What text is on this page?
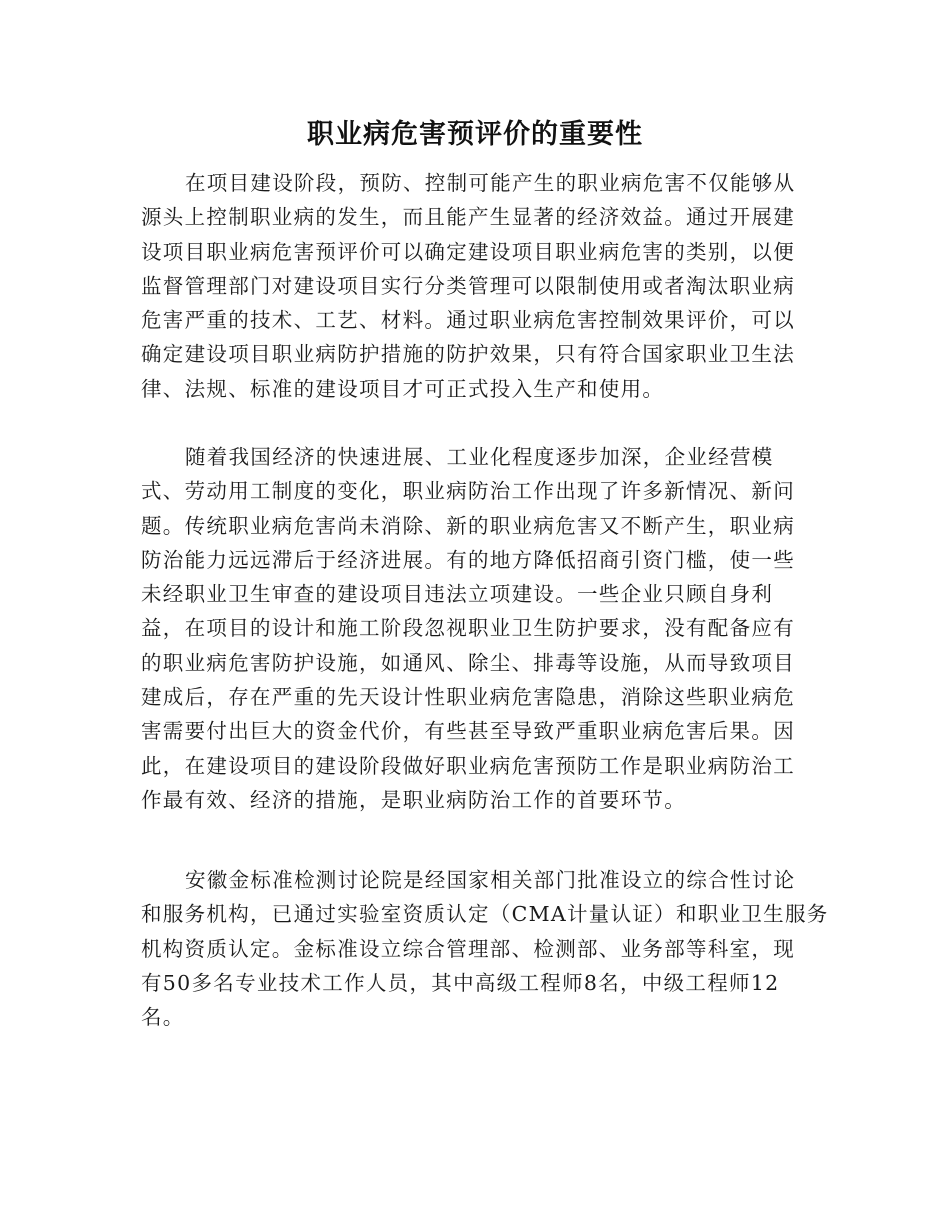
职业病危害预评价的重要性
在项目建设阶段，预防、控制可能产生的职业病危害不仅能够从
源头上控制职业病的发生，而且能产生显著的经济效益。通过开展建
设项目职业病危害预评价可以确定建设项目职业病危害的类别，以便
监督管理部门对建设项目实行分类管理可以限制使用或者淘汰职业病
危害严重的技术、工艺、材料。通过职业病危害控制效果评价，可以
确定建设项目职业病防护措施的防护效果，只有符合国家职业卫生法
律、法规、标准的建设项目才可正式投入生产和使用。
随着我国经济的快速进展、工业化程度逐步加深，企业经营模
式、劳动用工制度的变化，职业病防治工作出现了许多新情况、新问
题。传统职业病危害尚未消除、新的职业病危害又不断产生，职业病
防治能力远远滞后于经济进展。有的地方降低招商引资门槛，使一些
未经职业卫生审查的建设项目违法立项建设。一些企业只顾自身利
益，在项目的设计和施工阶段忽视职业卫生防护要求，没有配备应有
的职业病危害防护设施，如通风、除尘、排毒等设施，从而导致项目
建成后，存在严重的先天设计性职业病危害隐患，消除这些职业病危
害需要付出巨大的资金代价，有些甚至导致严重职业病危害后果。因
此，在建设项目的建设阶段做好职业病危害预防工作是职业病防治工
作最有效、经济的措施，是职业病防治工作的首要环节。
安徽金标准检测讨论院是经国家相关部门批准设立的综合性讨论
和服务机构，已通过实验室资质认定（CMA计量认证）和职业卫生服务
机构资质认定。金标准设立综合管理部、检测部、业务部等科室，现
有50多名专业技术工作人员，其中高级工程师8名，中级工程师12
名。
